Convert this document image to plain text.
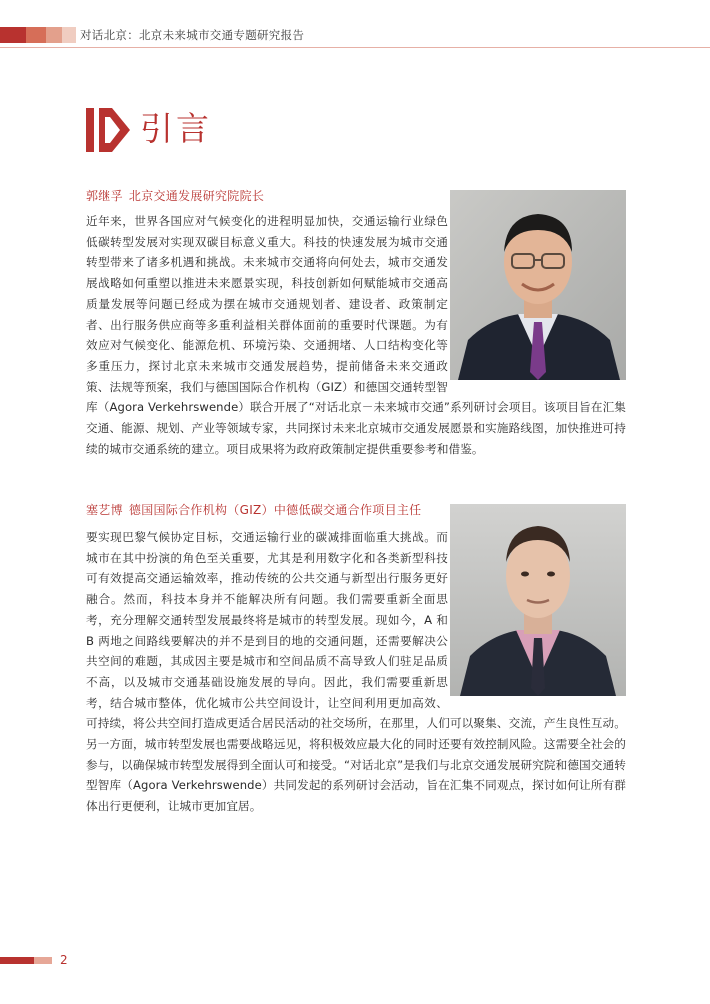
对话北京：北京未来城市交通专题研究报告
引言
郭继孚 北京交通发展研究院院长
近年来，世界各国应对气候变化的进程明显加快，交通运输行业绿色低碳转型发展对实现双碳目标意义重大。科技的快速发展为城市交通转型带来了诸多机遇和挑战。未来城市交通将向何处去，城市交通发展战略如何重塑以推进未来愿景实现，科技创新如何赋能城市交通高质量发展等问题已经成为摆在城市交通规划者、建设者、政策制定者、出行服务供应商等多重利益相关群体面前的重要时代课题。为有效应对气候变化、能源危机、环境污染、交通拥堵、人口结构变化等多重压力，探讨北京未来城市交通发展趋势，提前储备未来交通政策、法规等预案，我们与德国国际合作机构（GIZ）和德国交通转型智库（Agora Verkehrswende）联合开展了“对话北京－未来城市交通”系列研讨会项目。该项目旨在汇集交通、能源、规划、产业等领域专家，共同探讨未来北京城市交通发展愿景和实施路线图，加快推进可持续的城市交通系统的建立。项目成果将为政府政策制定提供重要参考和借鉴。
塞艺博 德国国际合作机构（GIZ）中德低碳交通合作项目主任
要实现巴黎气候协定目标，交通运输行业的碳减排面临重大挑战。而城市在其中扮演的角色至关重要，尤其是利用数字化和各类新型科技可有效提高交通运输效率，推动传统的公共交通与新型出行服务更好融合。然而，科技本身并不能解决所有问题。我们需要重新全面思考，充分理解交通转型发展最终将是城市的转型发展。现如今，A 和 B 两地之间路线要解决的并不是到目的地的交通问题，还需要解决公共空间的难题，其成因主要是城市和空间品质不高导致人们驻足品质不高，以及城市交通基础设施发展的导向。因此，我们需要重新思考，结合城市整体，优化城市公共空间设计，让空间利用更加高效、可持续，将公共空间打造成更适合居民活动的社交场所，在那里，人们可以聚集、交流，产生良性互动。另一方面，城市转型发展也需要战略远见，将积极效应最大化的同时还要有效控制风险。这需要全社会的参与，以确保城市转型发展得到全面认可和接受。“对话北京”是我们与北京交通发展研究院和德国交通转型智库（Agora Verkehrswende）共同发起的系列研讨会活动，旨在汇集不同观点，探讨如何让所有群体出行更便利，让城市更加宜居。
2
